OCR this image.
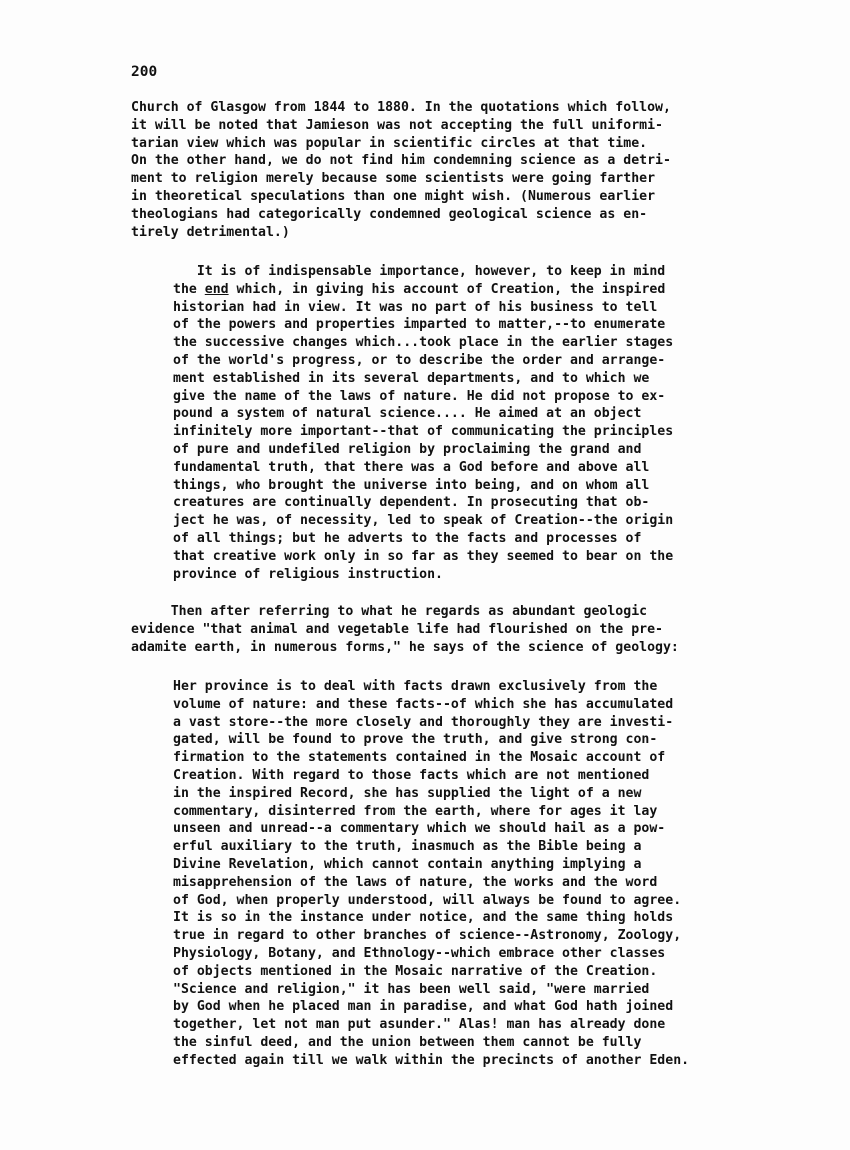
200
Church of Glasgow from 1844 to 1880. In the quotations which follow,
it will be noted that Jamieson was not accepting the full uniformi-
tarian view which was popular in scientific circles at that time.
On the other hand, we do not find him condemning science as a detri-
ment to religion merely because some scientists were going farther
in theoretical speculations than one might wish. (Numerous earlier
theologians had categorically condemned geological science as en-
tirely detrimental.)
It is of indispensable importance, however, to keep in mind
the end which, in giving his account of Creation, the inspired
historian had in view. It was no part of his business to tell
of the powers and properties imparted to matter,--to enumerate
the successive changes which...took place in the earlier stages
of the world's progress, or to describe the order and arrange-
ment established in its several departments, and to which we
give the name of the laws of nature. He did not propose to ex-
pound a system of natural science.... He aimed at an object
infinitely more important--that of communicating the principles
of pure and undefiled religion by proclaiming the grand and
fundamental truth, that there was a God before and above all
things, who brought the universe into being, and on whom all
creatures are continually dependent. In prosecuting that ob-
ject he was, of necessity, led to speak of Creation--the origin
of all things; but he adverts to the facts and processes of
that creative work only in so far as they seemed to bear on the
province of religious instruction.
Then after referring to what he regards as abundant geologic
evidence "that animal and vegetable life had flourished on the pre-
adamite earth, in numerous forms," he says of the science of geology:
Her province is to deal with facts drawn exclusively from the
volume of nature: and these facts--of which she has accumulated
a vast store--the more closely and thoroughly they are investi-
gated, will be found to prove the truth, and give strong con-
firmation to the statements contained in the Mosaic account of
Creation. With regard to those facts which are not mentioned
in the inspired Record, she has supplied the light of a new
commentary, disinterred from the earth, where for ages it lay
unseen and unread--a commentary which we should hail as a pow-
erful auxiliary to the truth, inasmuch as the Bible being a
Divine Revelation, which cannot contain anything implying a
misapprehension of the laws of nature, the works and the word
of God, when properly understood, will always be found to agree.
It is so in the instance under notice, and the same thing holds
true in regard to other branches of science--Astronomy, Zoology,
Physiology, Botany, and Ethnology--which embrace other classes
of objects mentioned in the Mosaic narrative of the Creation.
"Science and religion," it has been well said, "were married
by God when he placed man in paradise, and what God hath joined
together, let not man put asunder." Alas! man has already done
the sinful deed, and the union between them cannot be fully
effected again till we walk within the precincts of another Eden.
